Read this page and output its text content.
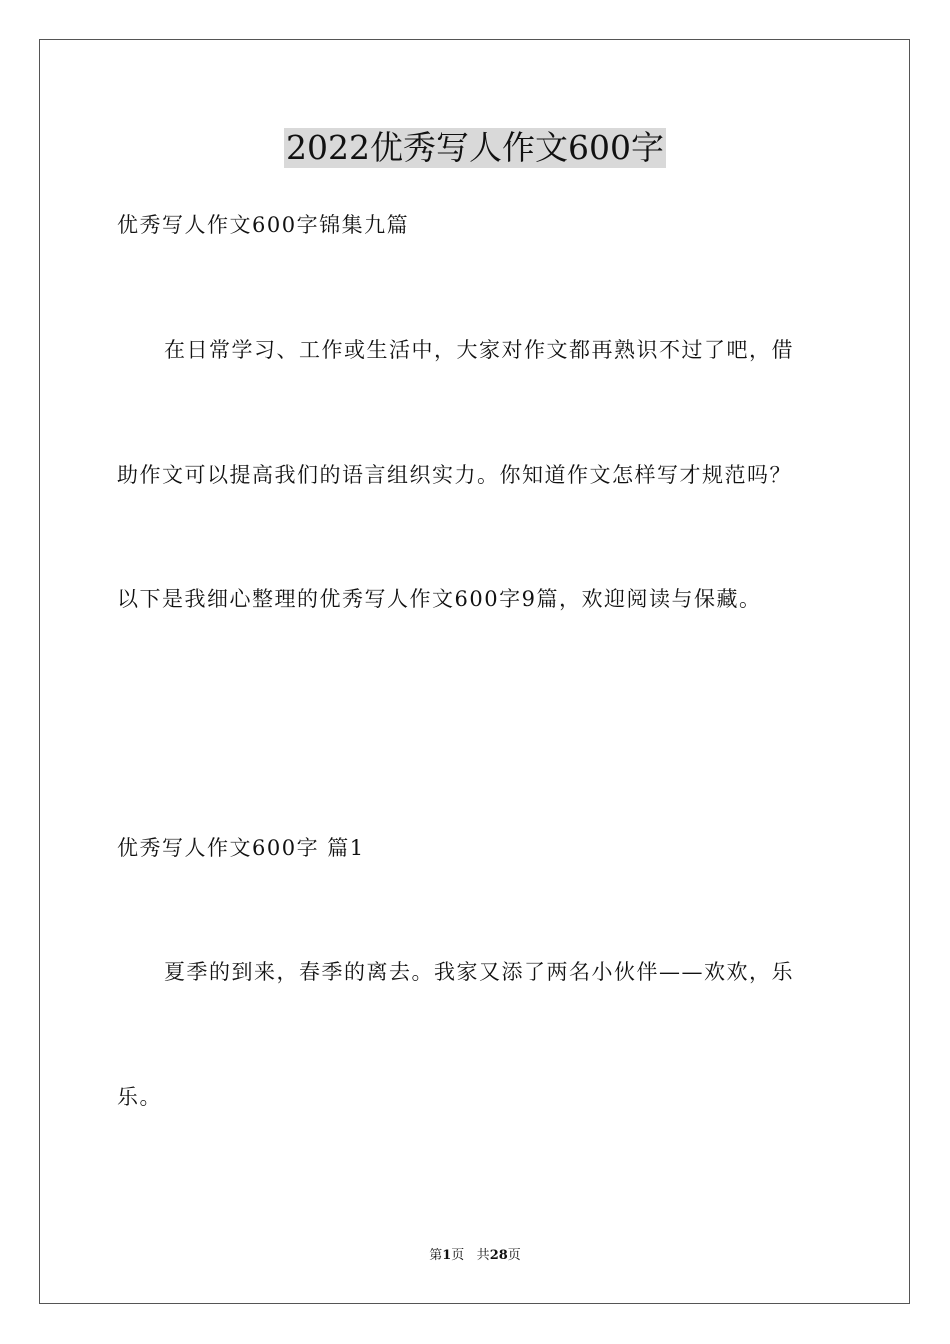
2022优秀写人作文600字
优秀写人作文600字锦集九篇
在日常学习、工作或生活中，大家对作文都再熟识不过了吧，借
助作文可以提高我们的语言组织实力。你知道作文怎样写才规范吗？
以下是我细心整理的优秀写人作文600字9篇，欢迎阅读与保藏。
优秀写人作文600字 篇1
夏季的到来，春季的离去。我家又添了两名小伙伴——欢欢，乐
乐。
第1页 共28页
